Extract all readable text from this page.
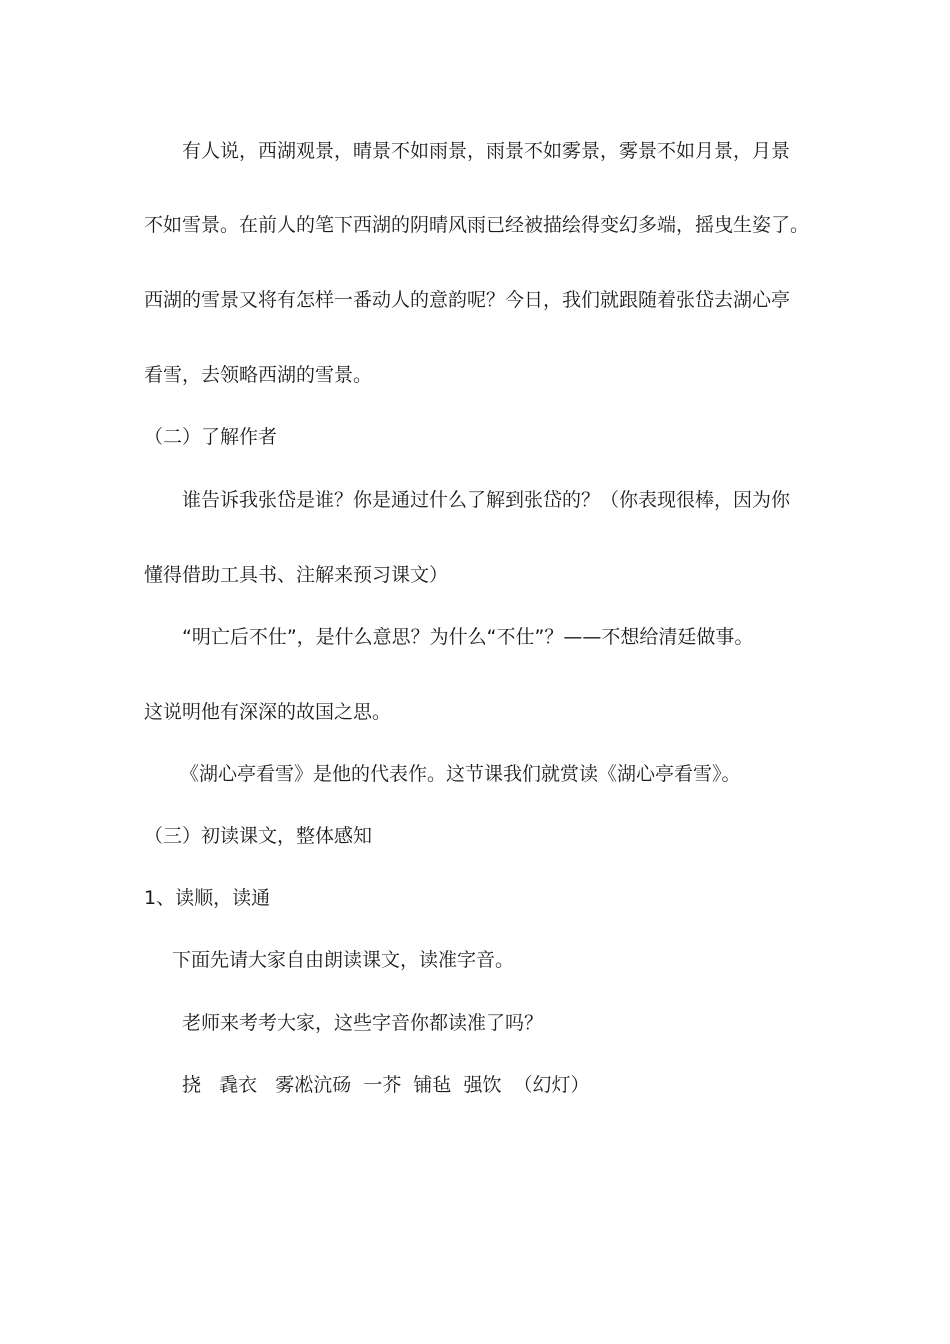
有人说，西湖观景，晴景不如雨景，雨景不如雾景，雾景不如月景，月景
不如雪景。在前人的笔下西湖的阴晴风雨已经被描绘得变幻多端，摇曳生姿了。
西湖的雪景又将有怎样一番动人的意韵呢？今日，我们就跟随着张岱去湖心亭
看雪，去领略西湖的雪景。
（二）了解作者
谁告诉我张岱是谁？你是通过什么了解到张岱的？（你表现很棒，因为你
懂得借助工具书、注解来预习课文）
“明亡后不仕”，是什么意思？为什么“不仕”？——不想给清廷做事。
这说明他有深深的故国之思。
《湖心亭看雪》是他的代表作。这节课我们就赏读《湖心亭看雪》。
（三）初读课文，整体感知
1、读顺，读通
下面先请大家自由朗读课文，读准字音。
老师来考考大家，这些字音你都读准了吗？
挠   毳衣   雾凇沆砀  一芥  铺毡  强饮  （幻灯）
